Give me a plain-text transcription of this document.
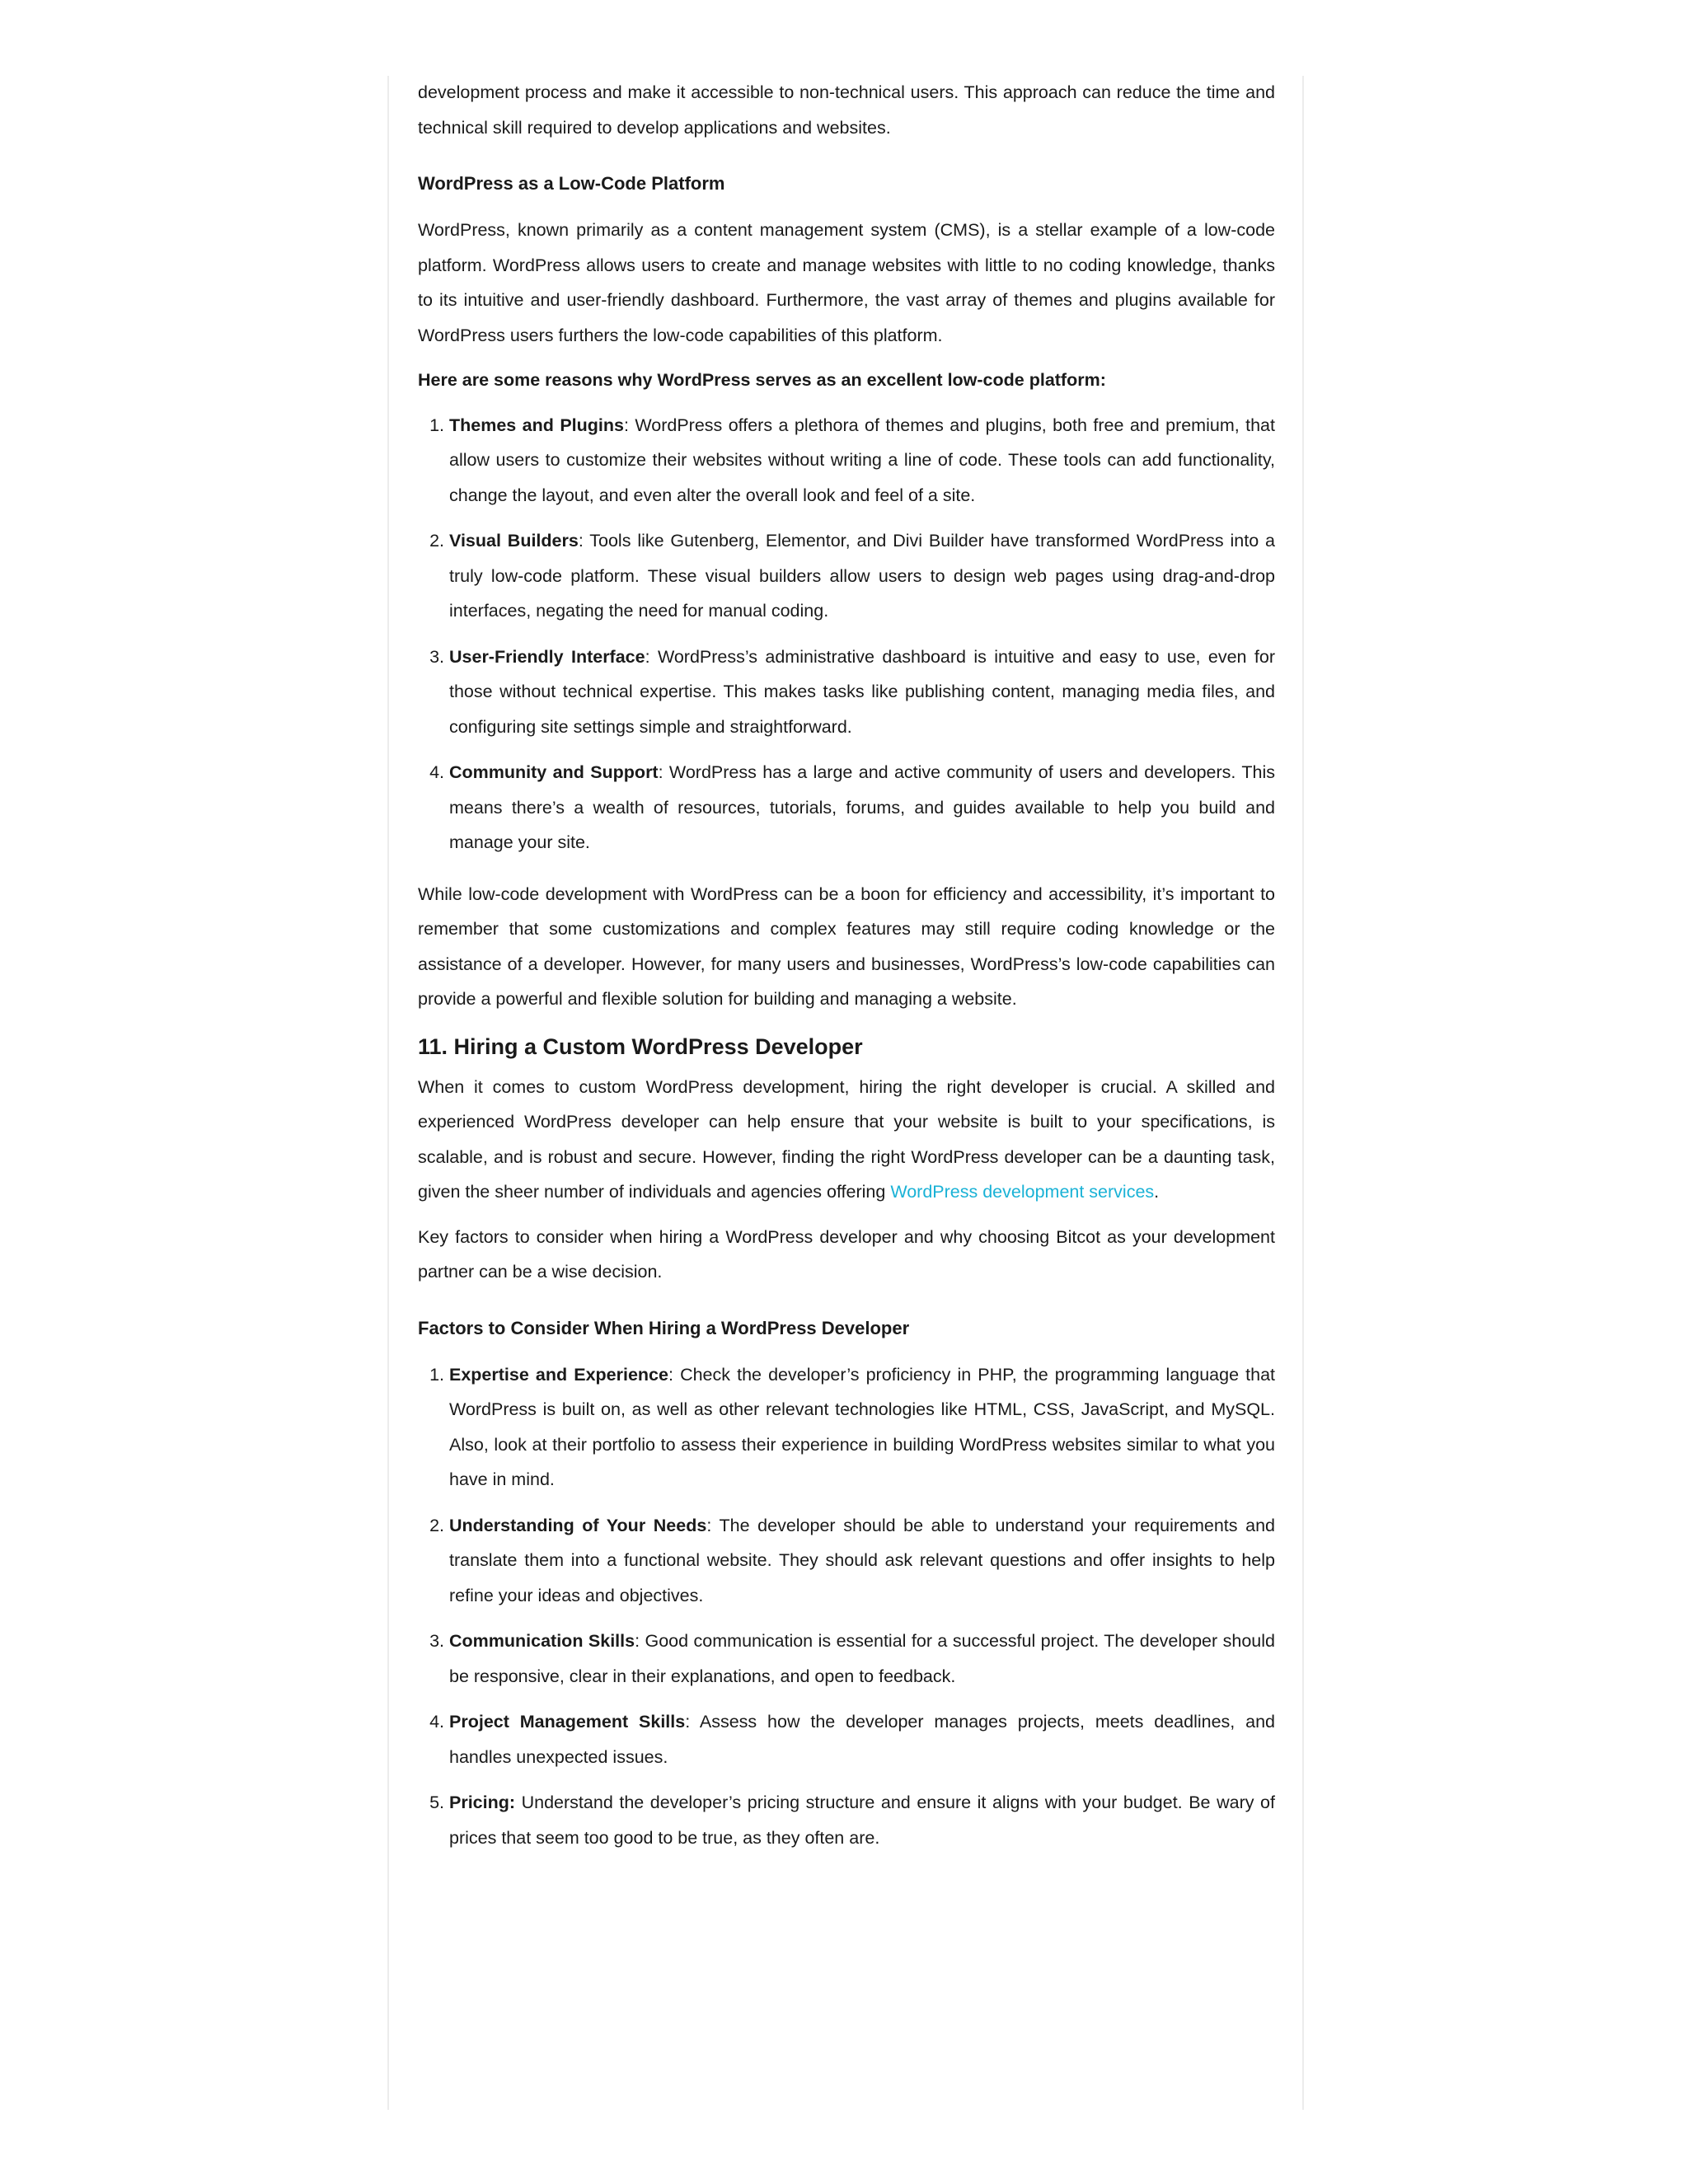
development process and make it accessible to non-technical users. This approach can reduce the time and technical skill required to develop applications and websites.

WordPress as a Low-Code Platform

WordPress, known primarily as a content management system (CMS), is a stellar example of a low-code platform. WordPress allows users to create and manage websites with little to no coding knowledge, thanks to its intuitive and user-friendly dashboard. Furthermore, the vast array of themes and plugins available for WordPress users furthers the low-code capabilities of this platform.

Here are some reasons why WordPress serves as an excellent low-code platform:

1. Themes and Plugins: WordPress offers a plethora of themes and plugins, both free and premium, that allow users to customize their websites without writing a line of code. These tools can add functionality, change the layout, and even alter the overall look and feel of a site.
2. Visual Builders: Tools like Gutenberg, Elementor, and Divi Builder have transformed WordPress into a truly low-code platform. These visual builders allow users to design web pages using drag-and-drop interfaces, negating the need for manual coding.
3. User-Friendly Interface: WordPress’s administrative dashboard is intuitive and easy to use, even for those without technical expertise. This makes tasks like publishing content, managing media files, and configuring site settings simple and straightforward.
4. Community and Support: WordPress has a large and active community of users and developers. This means there’s a wealth of resources, tutorials, forums, and guides available to help you build and manage your site.

While low-code development with WordPress can be a boon for efficiency and accessibility, it’s important to remember that some customizations and complex features may still require coding knowledge or the assistance of a developer. However, for many users and businesses, WordPress’s low-code capabilities can provide a powerful and flexible solution for building and managing a website.

11. Hiring a Custom WordPress Developer

When it comes to custom WordPress development, hiring the right developer is crucial. A skilled and experienced WordPress developer can help ensure that your website is built to your specifications, is scalable, and is robust and secure. However, finding the right WordPress developer can be a daunting task, given the sheer number of individuals and agencies offering WordPress development services.

Key factors to consider when hiring a WordPress developer and why choosing Bitcot as your development partner can be a wise decision.

Factors to Consider When Hiring a WordPress Developer
1. Expertise and Experience: Check the developer’s proficiency in PHP, the programming language that WordPress is built on, as well as other relevant technologies like HTML, CSS, JavaScript, and MySQL. Also, look at their portfolio to assess their experience in building WordPress websites similar to what you have in mind.
2. Understanding of Your Needs: The developer should be able to understand your requirements and translate them into a functional website. They should ask relevant questions and offer insights to help refine your ideas and objectives.
3. Communication Skills: Good communication is essential for a successful project. The developer should be responsive, clear in their explanations, and open to feedback.
4. Project Management Skills: Assess how the developer manages projects, meets deadlines, and handles unexpected issues.
5. Pricing: Understand the developer’s pricing structure and ensure it aligns with your budget. Be wary of prices that seem too good to be true, as they often are.
